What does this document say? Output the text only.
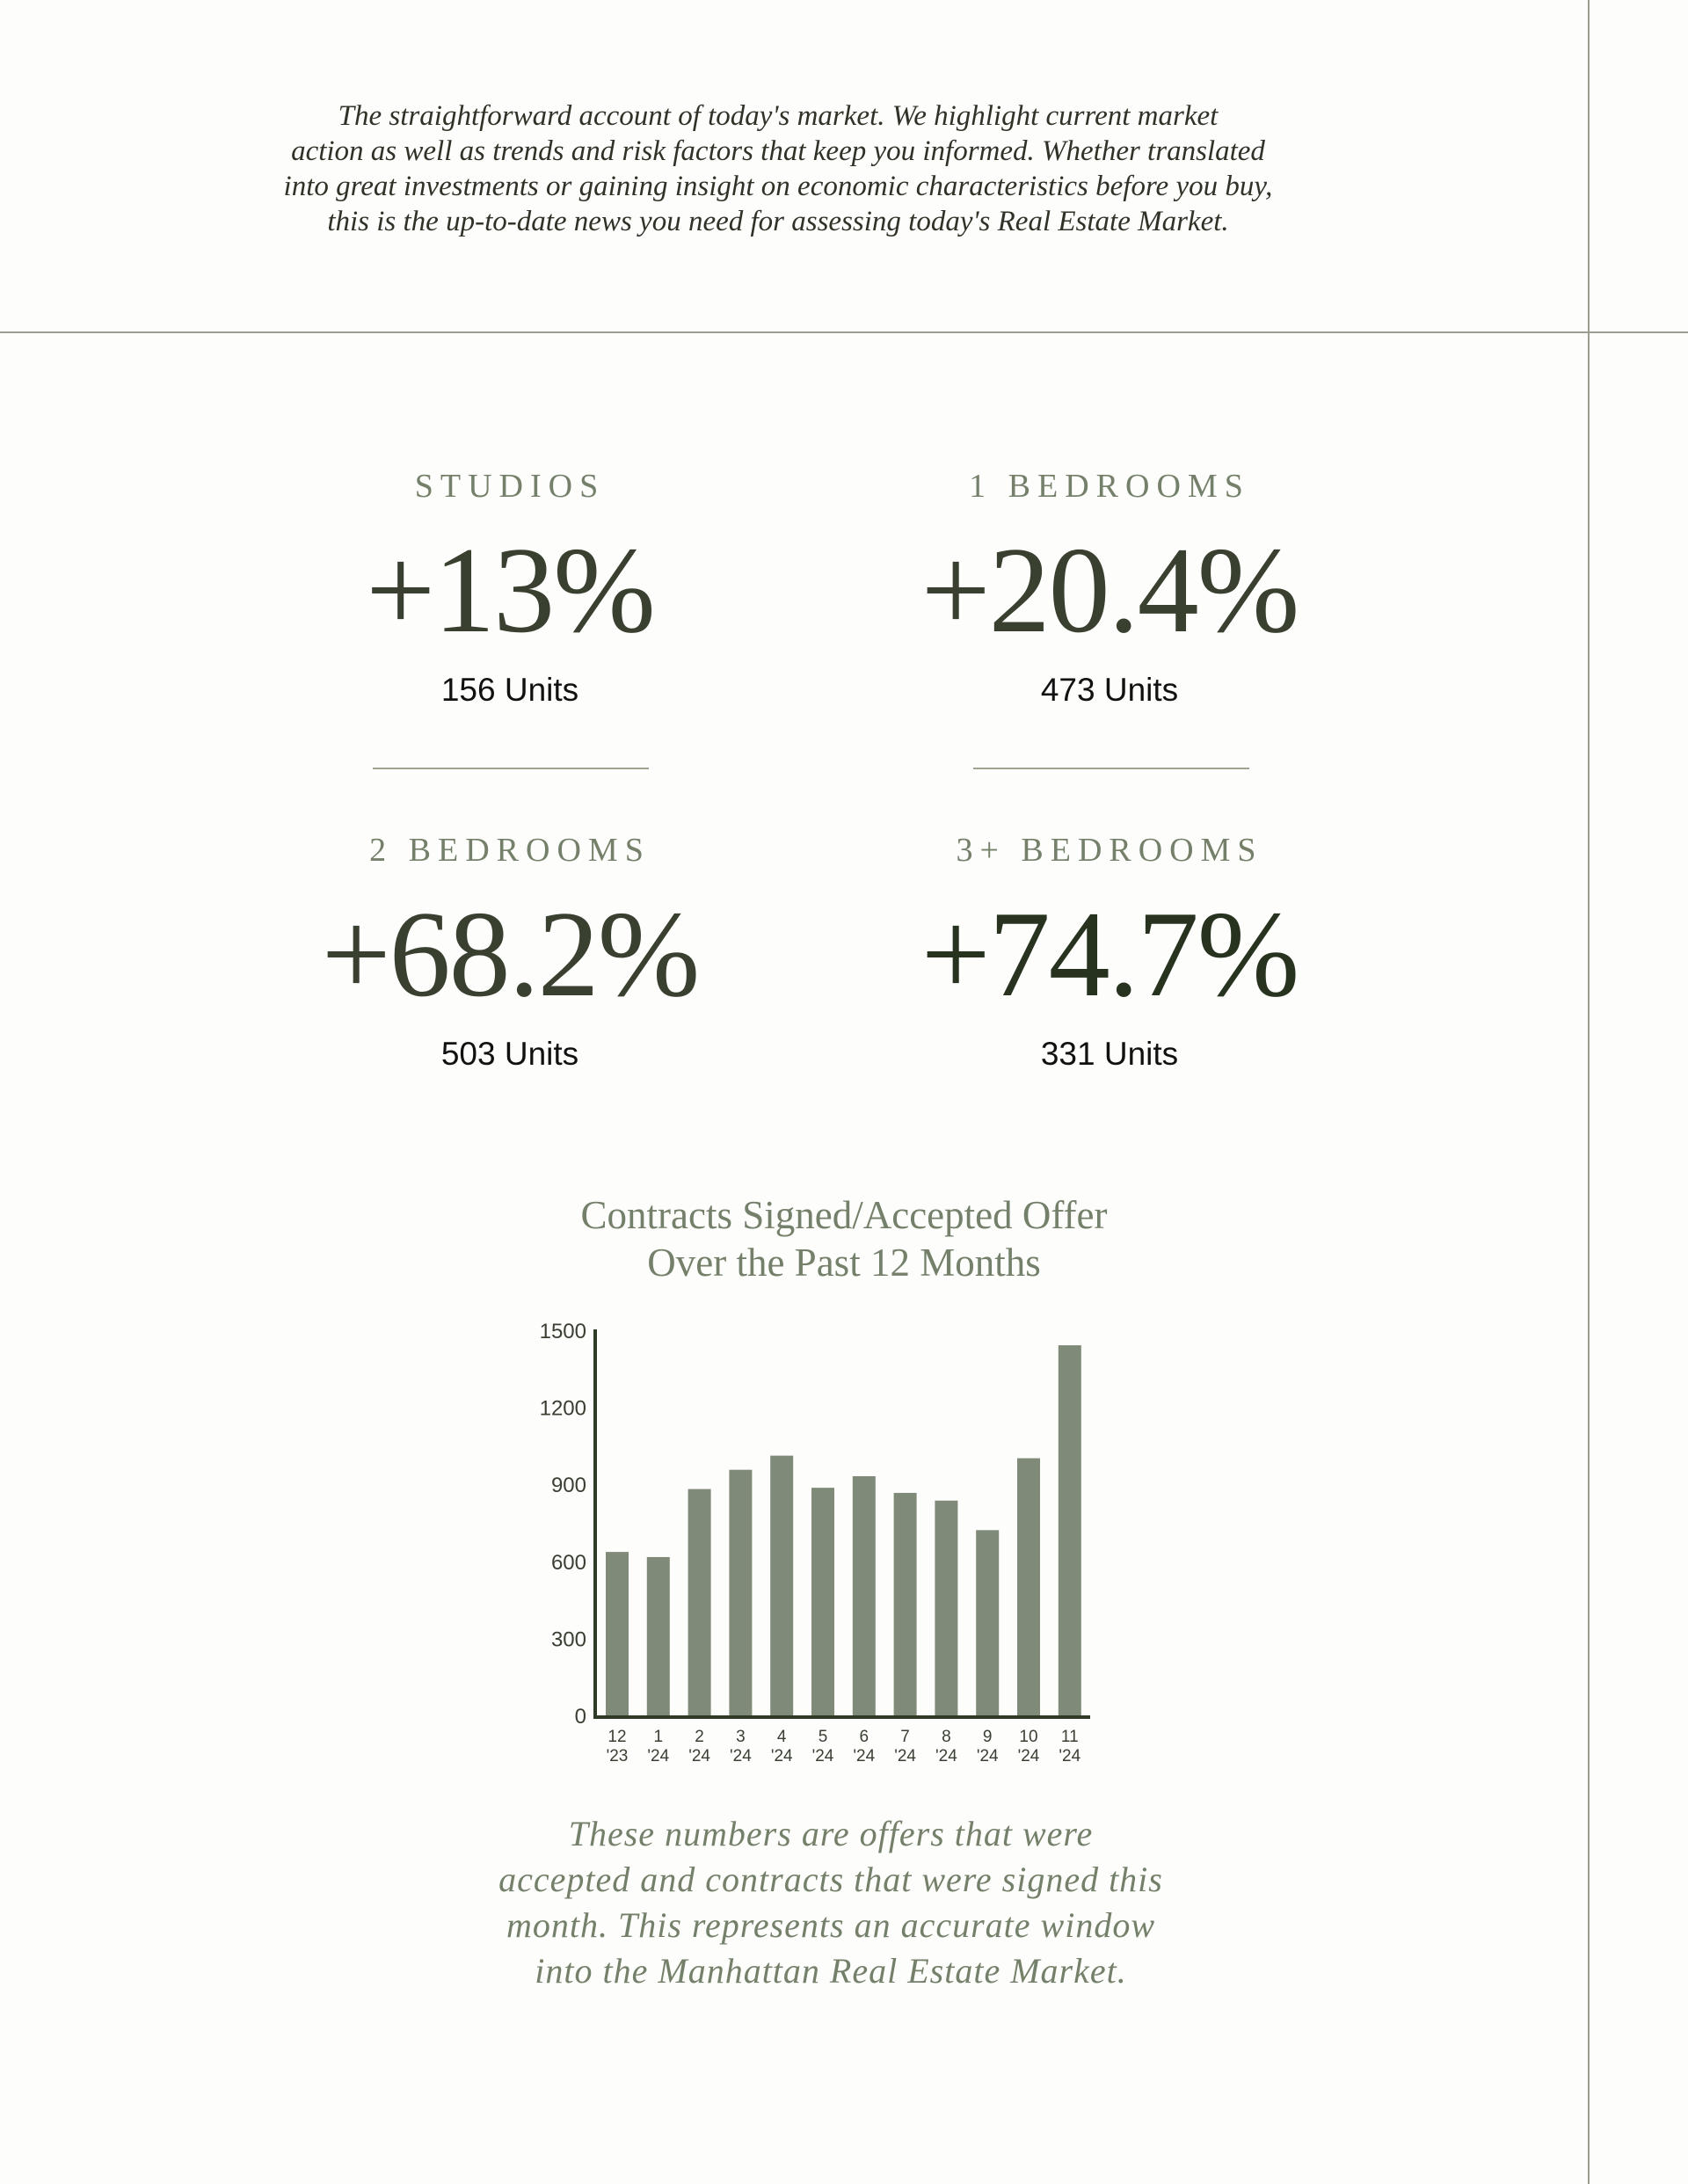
The straightforward account of today's market. We highlight current market

action as well as trends and risk factors that keep you informed. Whether translated

into great investments or gaining insight on economic characteristics before you buy,

this is the up-to-date news you need for assessing today's Real Estate Market.

STUDIOS
+13%
156 Units
1 BEDROOMS
+20.4%
473 Units
2 BEDROOMS
+68.2%
503 Units
3+ BEDROOMS
+74.7%
331 Units
Contracts Signed/Accepted Offer
Over the Past 12 Months
12
'23
1
'24
2
'24
3
'24
4
'24
5
'24
6
'24
7
'24
8
'24
9
'24
10
'24
11
'24
0
300
600
900
1200
1500

These numbers are offers that were

accepted and contracts that were signed this

month. This represents an accurate window

into the Manhattan Real Estate Market.
